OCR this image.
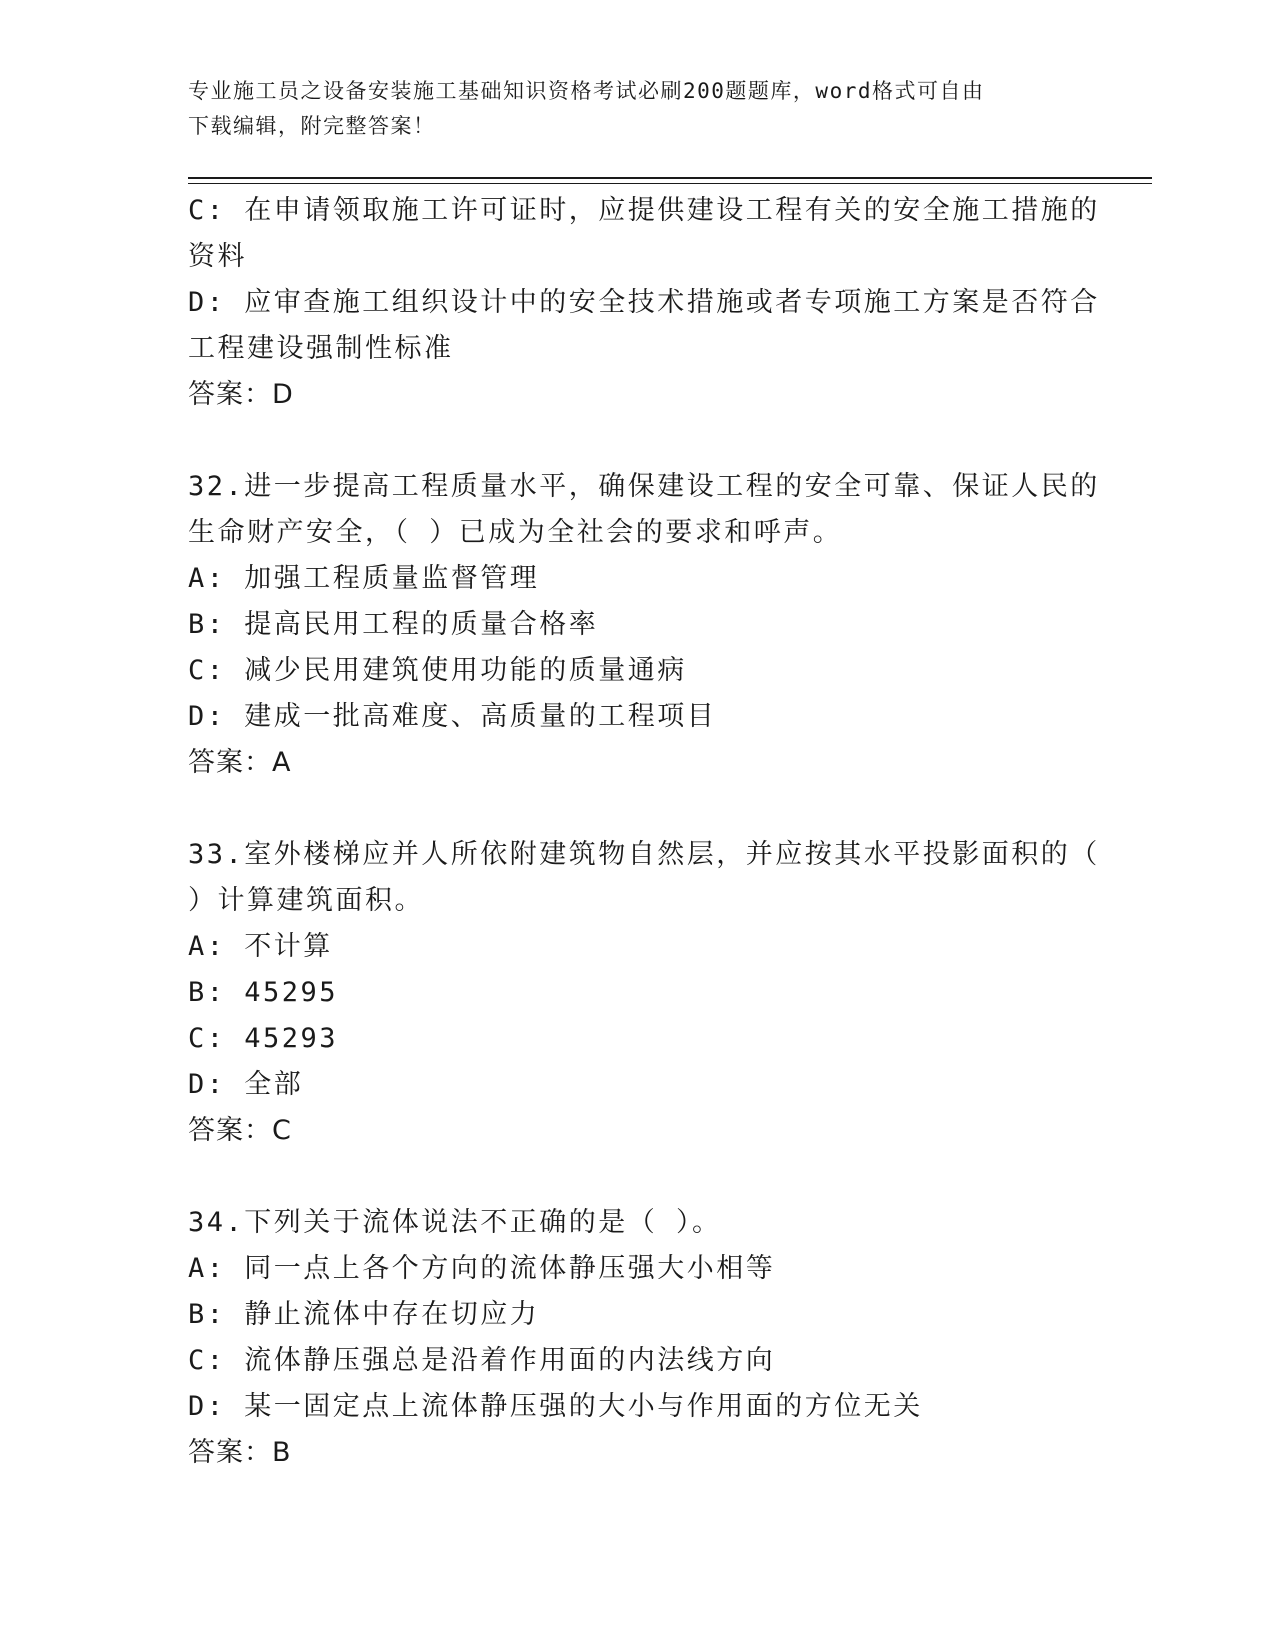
专业施工员之设备安装施工基础知识资格考试必刷200题题库，word格式可自由
下载编辑，附完整答案！
C: 在申请领取施工许可证时，应提供建设工程有关的安全施工措施的
资料
D: 应审查施工组织设计中的安全技术措施或者专项施工方案是否符合
工程建设强制性标准
答案：D
32.进一步提高工程质量水平，确保建设工程的安全可靠、保证人民的
生命财产安全，（ ）已成为全社会的要求和呼声。
A: 加强工程质量监督管理
B: 提高民用工程的质量合格率
C: 减少民用建筑使用功能的质量通病
D: 建成一批高难度、高质量的工程项目
答案：A
33.室外楼梯应并人所依附建筑物自然层，并应按其水平投影面积的（
）计算建筑面积。
A: 不计算
B: 45295
C: 45293
D: 全部
答案：C
34.下列关于流体说法不正确的是（ ）。
A: 同一点上各个方向的流体静压强大小相等
B: 静止流体中存在切应力
C: 流体静压强总是沿着作用面的内法线方向
D: 某一固定点上流体静压强的大小与作用面的方位无关
答案：B
